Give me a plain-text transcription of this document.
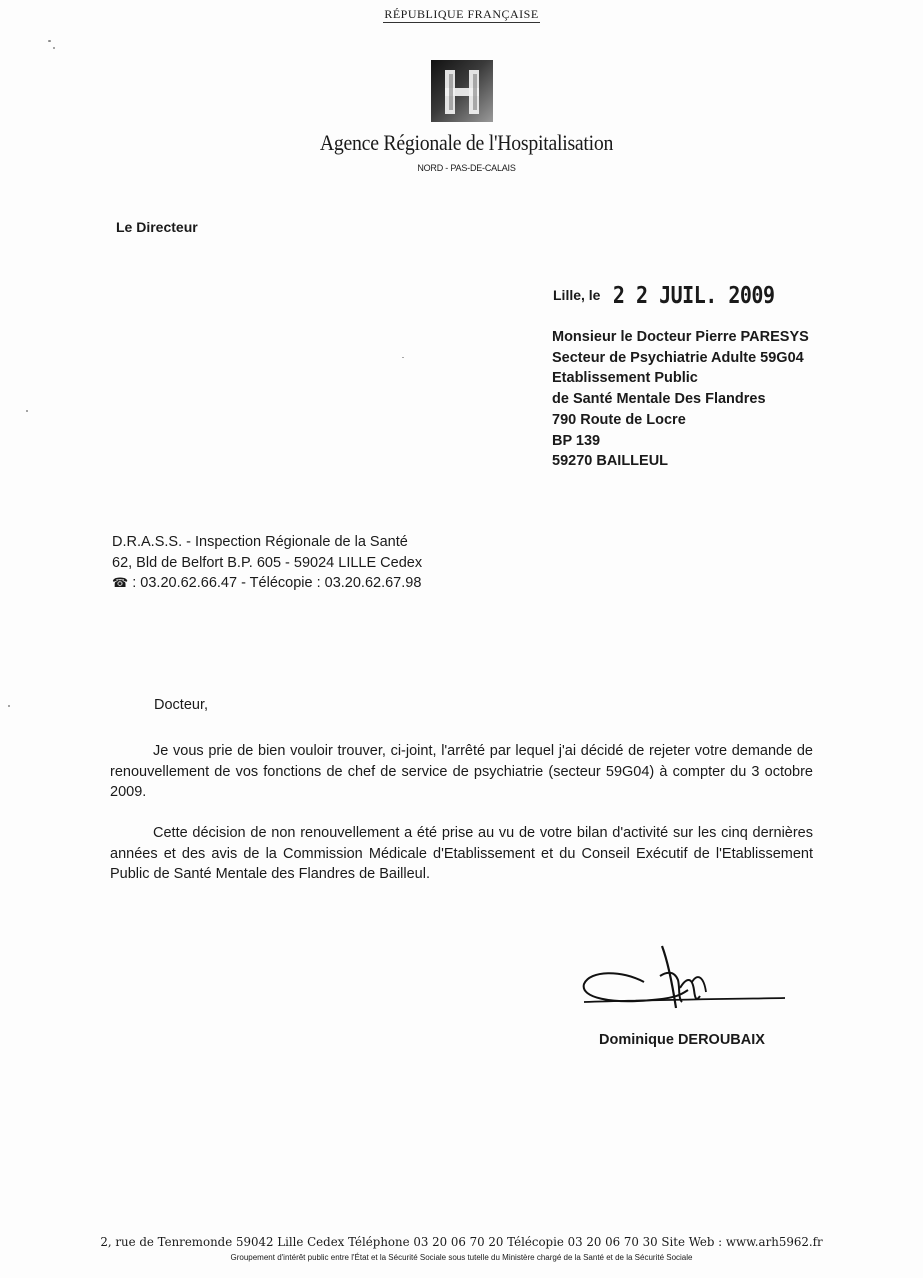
RÉPUBLIQUE FRANÇAISE
Agence Régionale de l'Hospitalisation
NORD - PAS-DE-CALAIS
Le Directeur
Lille, le 2 2 JUIL. 2009
Monsieur le Docteur Pierre PARESYS
Secteur de Psychiatrie Adulte 59G04
Etablissement Public
de Santé Mentale Des Flandres
790 Route de Locre
BP 139
59270 BAILLEUL
D.R.A.S.S. - Inspection Régionale de la Santé
62, Bld de Belfort B.P. 605 - 59024 LILLE Cedex
☎ : 03.20.62.66.47 - Télécopie : 03.20.62.67.98
Docteur,

Je vous prie de bien vouloir trouver, ci-joint, l'arrêté par lequel j'ai décidé de rejeter votre demande de renouvellement de vos fonctions de chef de service de psychiatrie (secteur 59G04) à compter du 3 octobre 2009.

Cette décision de non renouvellement a été prise au vu de votre bilan d'activité sur les cinq dernières années et des avis de la Commission Médicale d'Etablissement et du Conseil Exécutif de l'Etablissement Public de Santé Mentale des Flandres de Bailleul.

Dominique DEROUBAIX
2, rue de Tenremonde 59042 Lille Cedex Téléphone 03 20 06 70 20 Télécopie 03 20 06 70 30 Site Web : www.arh5962.fr
Groupement d'intérêt public entre l'État et la Sécurité Sociale sous tutelle du Ministère chargé de la Santé et de la Sécurité Sociale
